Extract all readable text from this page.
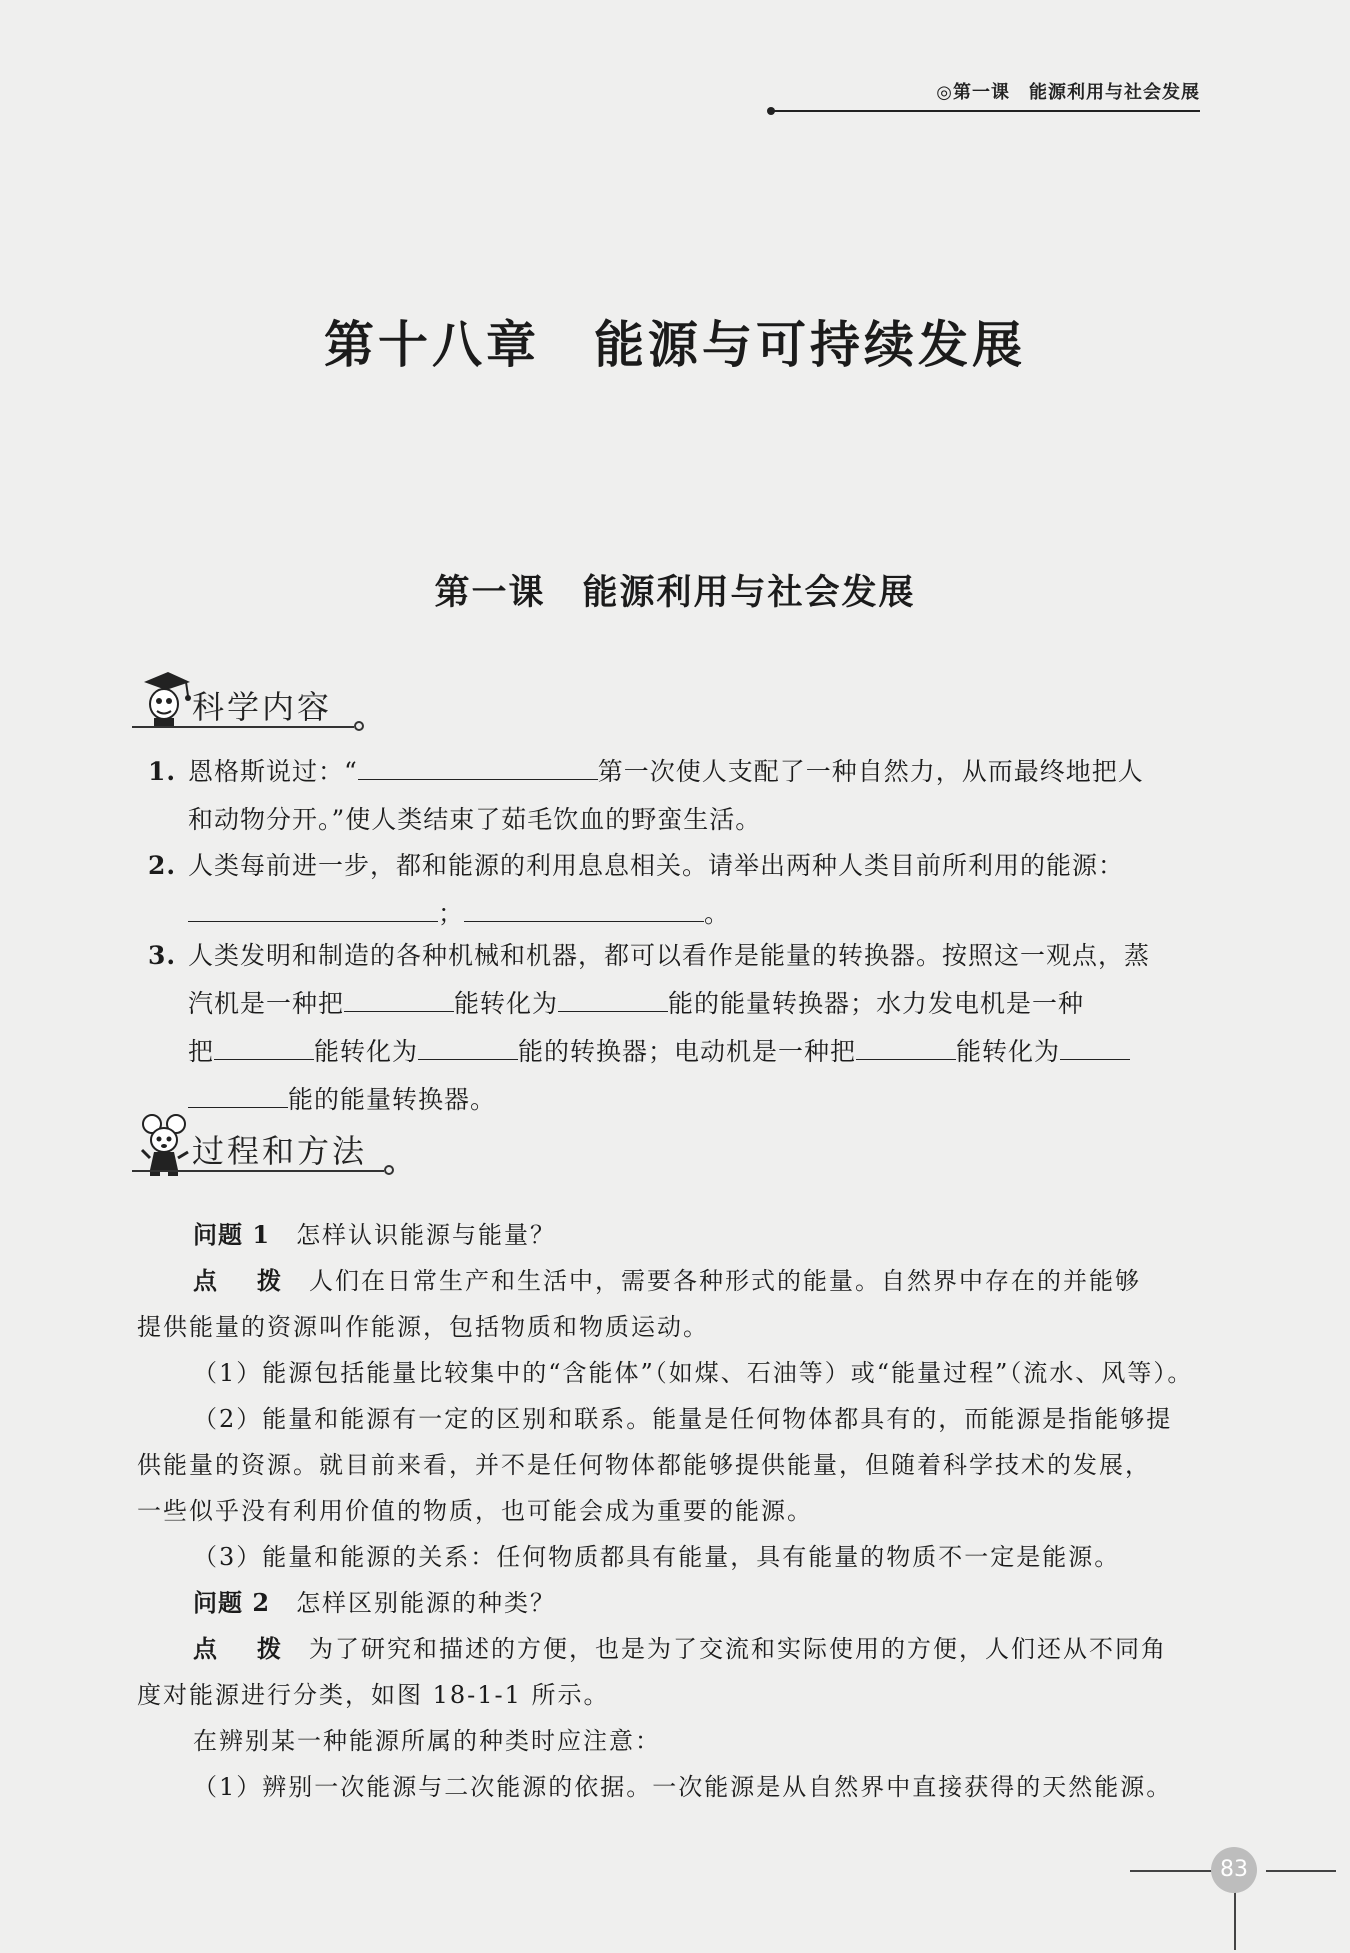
◎第一课　能源利用与社会发展
第十八章　能源与可持续发展
第一课　能源利用与社会发展
科学内容
1. 恩格斯说过：“	第一次使人支配了一种自然力，从而最终地把人
和动物分开。”使人类结束了茹毛饮血的野蛮生活。
2. 人类每前进一步，都和能源的利用息息相关。请举出两种人类目前所利用的能源：
；	。
3. 人类发明和制造的各种机械和机器，都可以看作是能量的转换器。按照这一观点，蒸
汽机是一种把	能转化为	能的能量转换器；水力发电机是一种
把	能转化为	能的转换器；电动机是一种把	能转化为
能的能量转换器。
过程和方法
问题 1　 怎样认识能源与能量？
点　拨 人们在日常生产和生活中，需要各种形式的能量。自然界中存在的并能够
提供能量的资源叫作能源，包括物质和物质运动。
（1）能源包括能量比较集中的“含能体”（如煤、石油等）或“能量过程”（流水、风等）。
（2）能量和能源有一定的区别和联系。能量是任何物体都具有的，而能源是指能够提
供能量的资源。就目前来看，并不是任何物体都能够提供能量，但随着科学技术的发展，
一些似乎没有利用价值的物质，也可能会成为重要的能源。
（3）能量和能源的关系：任何物质都具有能量，具有能量的物质不一定是能源。
问题 2　 怎样区别能源的种类？
点　拨 为了研究和描述的方便，也是为了交流和实际使用的方便，人们还从不同角
度对能源进行分类，如图 18-1-1 所示。
在辨别某一种能源所属的种类时应注意：
（1）辨别一次能源与二次能源的依据。一次能源是从自然界中直接获得的天然能源。
83
